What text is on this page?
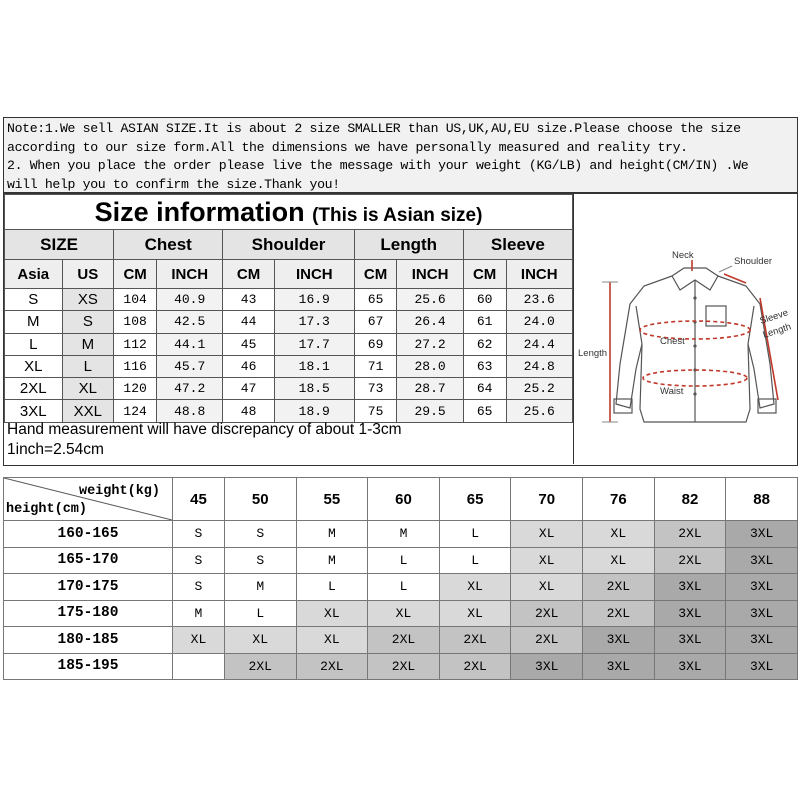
Note:1.We sell ASIAN SIZE.It is about 2 size SMALLER than US,UK,AU,EU size.Please choose the size
according to our size form.All the dimensions we have personally measured and reality try.
2. When you place the order please live the message with your weight (KG/LB) and height(CM/IN) .We
will help you to confirm the size.Thank you!
Size information (This is Asian size)									
SIZE		Chest		Shoulder		Length		Sleeve	
Asia	US	CM	INCH	CM	INCH	CM	INCH	CM	INCH
S	XS	104	40.9	43	16.9	65	25.6	60	23.6
M	S	108	42.5	44	17.3	67	26.4	61	24.0
L	M	112	44.1	45	17.7	69	27.2	62	24.4
XL	L	116	45.7	46	18.1	71	28.0	63	24.8
2XL	XL	120	47.2	47	18.5	73	28.7	64	25.2
3XL	XXL	124	48.8	48	18.9	75	29.5	65	25.6
Hand measurement will have discrepancy of about 1-3cm
1inch=2.54cm
Neck
Shoulder
Sleeve
Length
Length
Chest
Waist
weight(kg)
height(cm)	45	50	55	60	65	70	76	82	88
160-165	S	S	M	M	L	XL	XL	2XL	3XL
165-170	S	S	M	L	L	XL	XL	2XL	3XL
170-175	S	M	L	L	XL	XL	2XL	3XL	3XL
175-180	M	L	XL	XL	XL	2XL	2XL	3XL	3XL
180-185	XL	XL	XL	2XL	2XL	2XL	3XL	3XL	3XL
185-195		2XL	2XL	2XL	2XL	3XL	3XL	3XL	3XL
